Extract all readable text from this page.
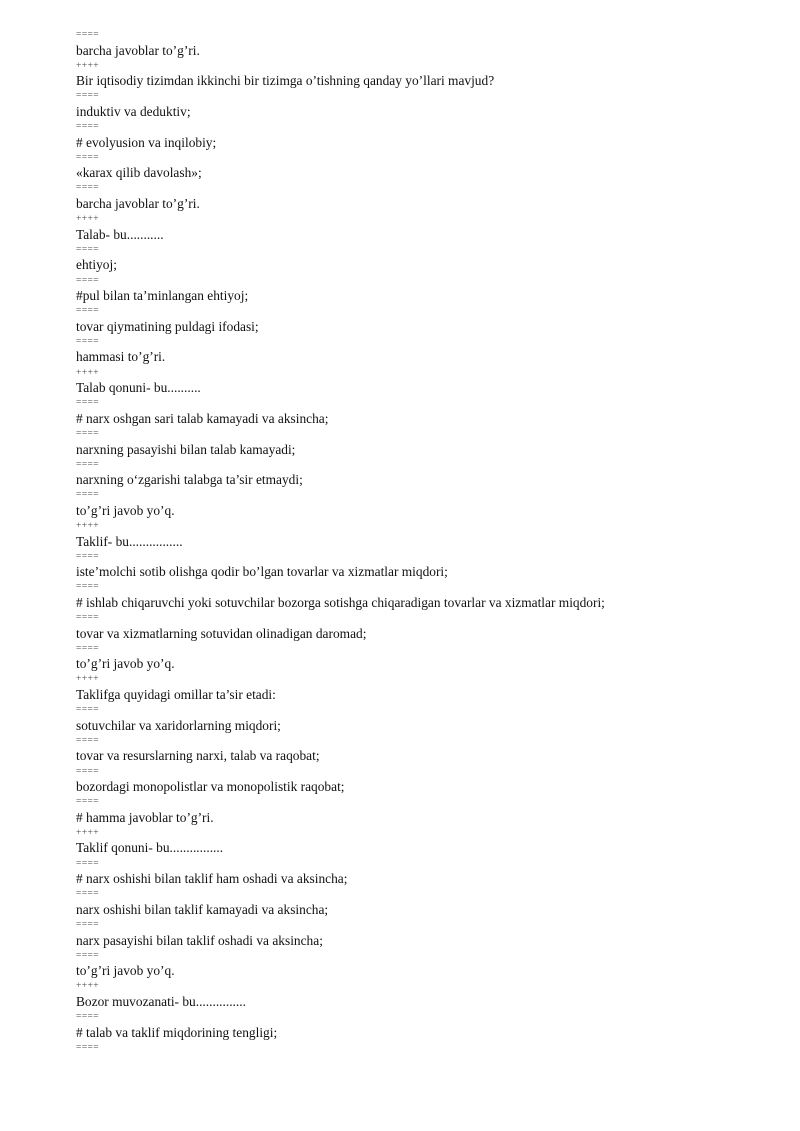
====
barcha javoblar to’g’ri.
++++
Bir iqtisodiy tizimdan ikkinchi bir tizimga o’tishning qanday yo’llari mavjud?
====
induktiv va deduktiv;
====
# evolyusion va inqilobiy;
====
«karax qilib davolash»;
====
barcha javoblar to’g’ri.
++++
Talab- bu...........
====
ehtiyoj;
====
#pul bilan ta’minlangan ehtiyoj;
====
tovar qiymatining puldagi ifodasi;
====
hammasi to’g’ri.
++++
Talab qonuni- bu..........
====
# narx oshgan sari talab kamayadi va aksincha;
====
narxning pasayishi bilan talab kamayadi;
====
narxning o‘zgarishi talabga ta’sir etmaydi;
====
to’g’ri javob yo’q.
++++
Taklif- bu................
====
iste’molchi sotib olishga qodir bo’lgan tovarlar va xizmatlar miqdori;
====
# ishlab chiqaruvchi yoki sotuvchilar bozorga sotishga chiqaradigan tovarlar va xizmatlar miqdori;
====
tovar va xizmatlarning sotuvidan olinadigan daromad;
====
to’g’ri javob yo’q.
++++
Taklifga quyidagi omillar ta’sir etadi:
====
sotuvchilar va xaridorlarning miqdori;
====
tovar va resurslarning narxi, talab va raqobat;
====
bozordagi monopolistlar va monopolistik raqobat;
====
# hamma javoblar to’g’ri.
++++
Taklif qonuni- bu................
====
# narx oshishi bilan taklif ham oshadi va aksincha;
====
narx oshishi bilan taklif kamayadi va aksincha;
====
narx pasayishi bilan taklif oshadi va aksincha;
====
to’g’ri javob yo’q.
++++
Bozor muvozanati- bu...............
====
# talab va taklif miqdorining tengligi;
====
